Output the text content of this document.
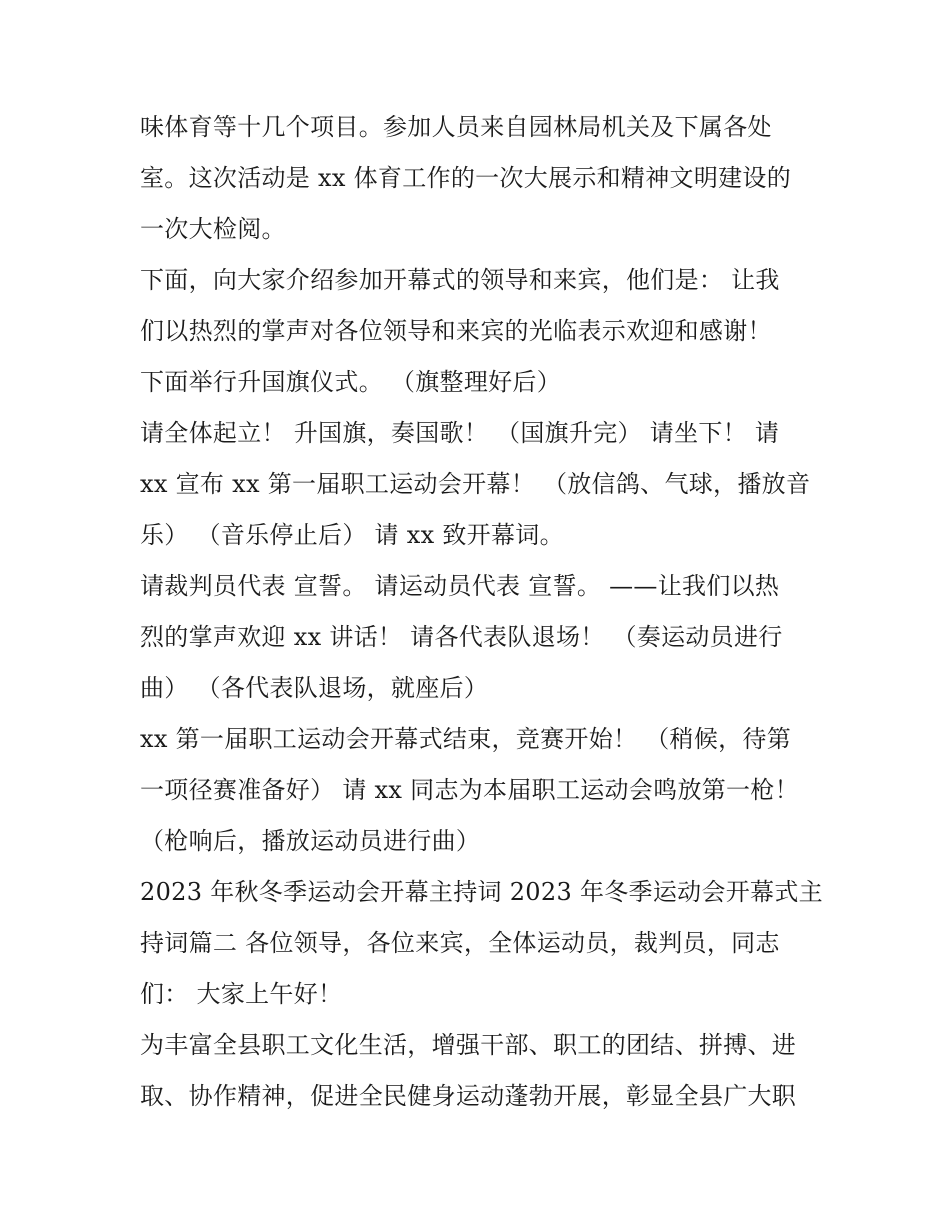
味体育等十几个项目。参加人员来自园林局机关及下属各处
室。这次活动是 xx 体育工作的一次大展示和精神文明建设的
一次大检阅。
下面，向大家介绍参加开幕式的领导和来宾，他们是： 让我
们以热烈的掌声对各位领导和来宾的光临表示欢迎和感谢！
下面举行升国旗仪式。 （旗整理好后）
请全体起立！ 升国旗，奏国歌！ （国旗升完） 请坐下！ 请
xx 宣布 xx 第一届职工运动会开幕！ （放信鸽、气球，播放音
乐） （音乐停止后） 请 xx 致开幕词。
请裁判员代表 宣誓。 请运动员代表 宣誓。 ——让我们以热
烈的掌声欢迎 xx 讲话！ 请各代表队退场！ （奏运动员进行
曲） （各代表队退场，就座后）
xx 第一届职工运动会开幕式结束，竞赛开始！ （稍候，待第
一项径赛准备好） 请 xx 同志为本届职工运动会鸣放第一枪！
（枪响后，播放运动员进行曲）
2023 年秋冬季运动会开幕主持词 2023 年冬季运动会开幕式主
持词篇二 各位领导，各位来宾，全体运动员，裁判员，同志
们： 大家上午好！
为丰富全县职工文化生活，增强干部、职工的团结、拼搏、进
取、协作精神，促进全民健身运动蓬勃开展，彰显全县广大职
